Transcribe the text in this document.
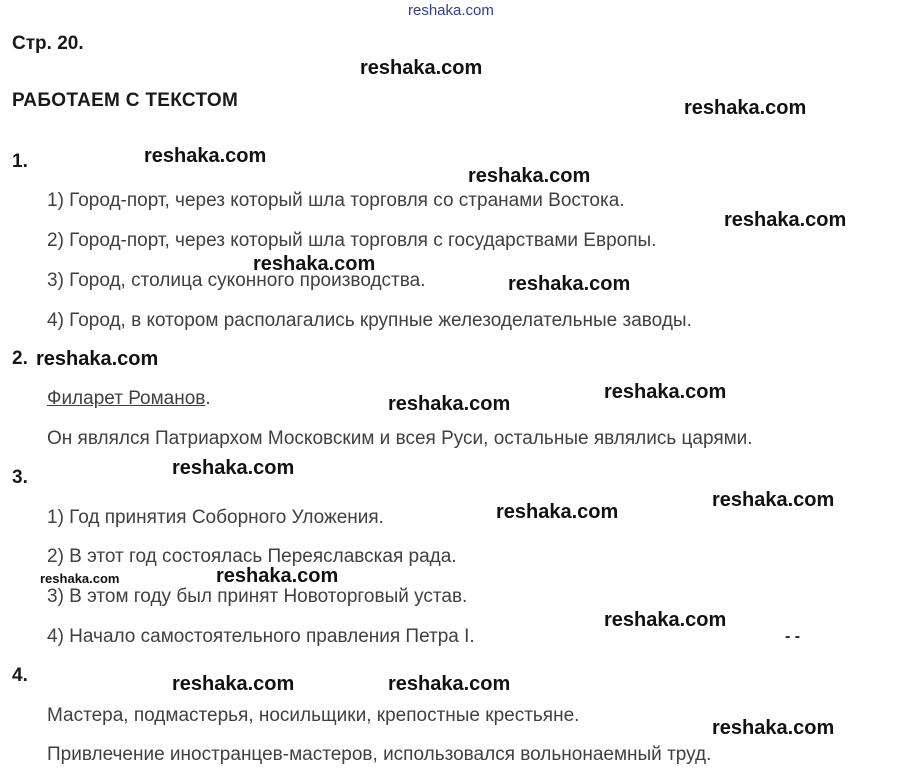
Стр. 20.
РАБОТАЕМ С ТЕКСТОМ
1.
1) Город-порт, через который шла торговля со странами Востока.
2) Город-порт, через который шла торговля с государствами Европы.
3) Город, столица суконного производства.
4) Город, в котором располагались крупные железоделательные заводы.
2.
Филарет Романов.
Он являлся Патриархом Московским и всея Руси, остальные являлись царями.
3.
1) Год принятия Соборного Уложения.
2) В этот год состоялась Переяславская рада.
3) В этом году был принят Новоторговый устав.
4) Начало самостоятельного правления Петра I.
4.
Мастера, подмастерья, носильщики, крепостные крестьяне.
Привлечение иностранцев-мастеров, использовался вольнонаемный труд.
- -
reshaka.com
reshaka.com
reshaka.com
reshaka.com
reshaka.com
reshaka.com
reshaka.com
reshaka.com
reshaka.com
reshaka.com
reshaka.com
reshaka.com
reshaka.com
reshaka.com
reshaka.com
reshaka.com
reshaka.com
reshaka.com	reshaka.com
reshaka.com
